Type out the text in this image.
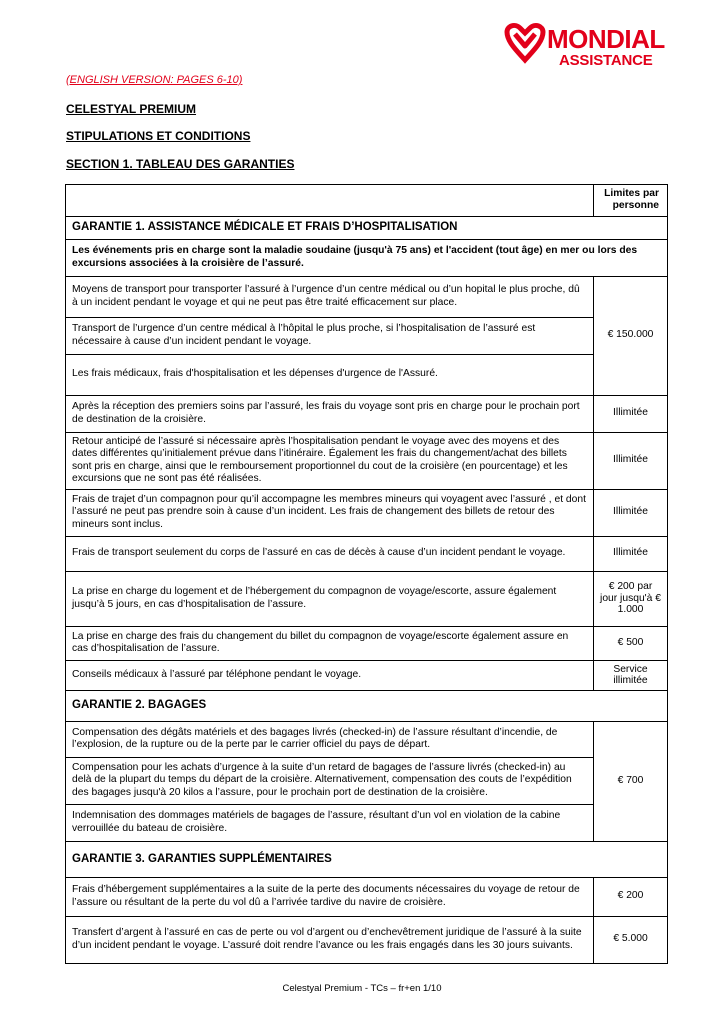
MONDIAL
ASSISTANCE
(ENGLISH VERSION: PAGES 6-10)
CELESTYAL PREMIUM
STIPULATIONS ET CONDITIONS
SECTION 1. TABLEAU DES GARANTIES
	Limites par personne
GARANTIE 1. ASSISTANCE MÉDICALE ET FRAIS D’HOSPITALISATION	
Les événements pris en charge sont la maladie soudaine (jusqu'à 75 ans) et l'accident (tout âge) en mer ou lors des excursions associées à la croisière de l’assuré.	
Moyens de transport pour transporter l’assuré à l’urgence d’un centre médical ou d’un hopital le plus proche, dû à un incident pendant le voyage et qui ne peut pas être traité efficacement sur place.	€ 150.000
Transport de l’urgence d’un centre médical à l’hôpital le plus proche, si l’hospitalisation de l’assuré est nécessaire à cause d’un incident pendant le voyage.	
Les frais médicaux, frais d'hospitalisation et les dépenses d'urgence de l'Assuré.	
Après la réception des premiers soins par l’assuré, les frais du voyage sont pris en charge pour le prochain port de destination de la croisière.	Illimitée
Retour anticipé de l’assuré si nécessaire après l’hospitalisation pendant le voyage avec des moyens et des dates différentes qu’initialement prévue dans l’itinéraire. Également les frais du changement/achat des billets sont pris en charge, ainsi que le remboursement proportionnel du cout de la croisière (en pourcentage) et les excursions que ne sont pas été réalisées.	Illimitée
Frais de trajet d’un compagnon pour qu’il accompagne les membres mineurs qui voyagent avec l’assuré , et dont l’assuré ne peut pas prendre soin à cause d’un incident. Les frais de changement des billets de retour des mineurs sont inclus.	Illimitée
Frais de transport seulement du corps de l’assuré en cas de décès à cause d’un incident pendant le voyage.	Illimitée
La prise en charge du logement et de l’hébergement du compagnon de voyage/escorte, assure également jusqu’à 5 jours, en cas d’hospitalisation de l’assure.	€ 200 par jour jusqu'à € 1.000
La prise en charge des frais du changement du billet du compagnon de voyage/escorte également assure en cas d’hospitalisation de l’assure.	€ 500
Conseils médicaux à l’assuré par téléphone pendant le voyage.	Service illimitée
GARANTIE 2. BAGAGES	
Compensation des dégâts matériels et des bagages livrés (checked-in) de l’assure résultant d’incendie, de l’explosion, de la rupture ou de la perte par le carrier officiel du pays de départ.	€ 700
Compensation pour les achats d’urgence à la suite d’un retard de bagages de l’assure livrés (checked-in) au delà de la plupart du temps du départ de la croisière. Alternativement, compensation des couts de l’expédition des bagages jusqu'à 20 kilos a l’assure, pour le prochain port de destination de la croisière.	
Indemnisation des dommages matériels de bagages de l’assure, résultant d’un vol en violation de la cabine verrouillée du bateau de croisière.	
GARANTIE 3. GARANTIES SUPPLÉMENTAIRES	
Frais d’hébergement supplémentaires a la suite de la perte des documents nécessaires du voyage de retour de l’assure ou résultant de la perte du vol dû a l’arrivée tardive du navire de croisière.	€ 200
Transfert d’argent à l’assuré en cas de perte ou vol d’argent ou d’enchevêtrement juridique de l’assuré à la suite d’un incident pendant le voyage. L’assuré doit rendre l’avance ou les frais engagés dans les 30 jours suivants.	€ 5.000
Celestyal Premium - TCs – fr+en 1/10
